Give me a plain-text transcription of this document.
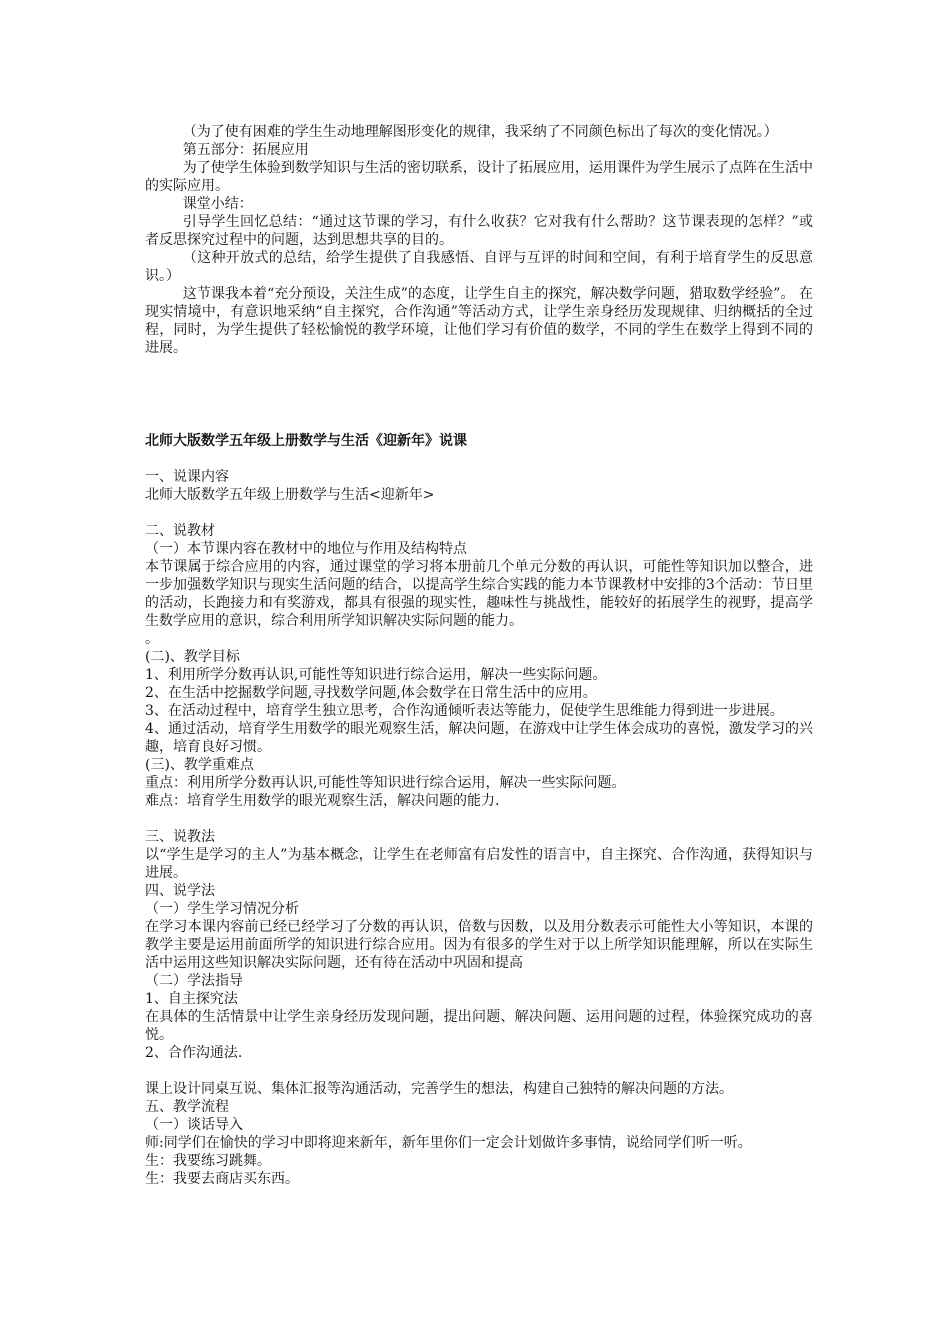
（为了使有困难的学生生动地理解图形变化的规律，我采纳了不同颜色标出了每次的变化情况。）

第五部分：拓展应用

为了使学生体验到数学知识与生活的密切联系，设计了拓展应用，运用课件为学生展示了点阵在生活中的实际应用。

课堂小结：

引导学生回忆总结：“通过这节课的学习，有什么收获？它对我有什么帮助？这节课表现的怎样？”或者反思探究过程中的问题，达到思想共享的目的。

（这种开放式的总结，给学生提供了自我感悟、自评与互评的时间和空间，有利于培育学生的反思意识。）

这节课我本着“充分预设，关注生成”的态度，让学生自主的探究，解决数学问题，猎取数学经验”。 在现实情境中，有意识地采纳“自主探究，合作沟通”等活动方式，让学生亲身经历发现规律、归纳概括的全过程，同时，为学生提供了轻松愉悦的教学环境，让他们学习有价值的数学，不同的学生在数学上得到不同的进展。

北师大版数学五年级上册数学与生活《迎新年》说课

一、说课内容

北师大版数学五年级上册数学与生活<迎新年>

二、说教材

（一）本节课内容在教材中的地位与作用及结构特点

本节课属于综合应用的内容，通过课堂的学习将本册前几个单元分数的再认识，可能性等知识加以整合，进一步加强数学知识与现实生活问题的结合，以提高学生综合实践的能力本节课教材中安排的3个活动：节日里的活动，长跑接力和有奖游戏，都具有很强的现实性，趣味性与挑战性，能较好的拓展学生的视野，提高学生数学应用的意识，综合利用所学知识解决实际问题的能力。

。

(二)、教学目标

1、利用所学分数再认识,可能性等知识进行综合运用，解决一些实际问题。

2、在生活中挖掘数学问题,寻找数学问题,体会数学在日常生活中的应用。

3、在活动过程中，培育学生独立思考，合作沟通倾听表达等能力，促使学生思维能力得到进一步进展。

4、通过活动，培育学生用数学的眼光观察生活，解决问题，在游戏中让学生体会成功的喜悦，激发学习的兴趣，培育良好习惯。

(三)、教学重难点

重点：利用所学分数再认识,可能性等知识进行综合运用，解决一些实际问题。

难点：培育学生用数学的眼光观察生活，解决问题的能力.

三、说教法

以“学生是学习的主人”为基本概念，让学生在老师富有启发性的语言中，自主探究、合作沟通，获得知识与进展。

四、说学法

（一）学生学习情况分析

在学习本课内容前已经已经学习了分数的再认识，倍数与因数，以及用分数表示可能性大小等知识，本课的教学主要是运用前面所学的知识进行综合应用。因为有很多的学生对于以上所学知识能理解，所以在实际生活中运用这些知识解决实际问题，还有待在活动中巩固和提高

（二）学法指导

1、自主探究法

在具体的生活情景中让学生亲身经历发现问题，提出问题、解决问题、运用问题的过程，体验探究成功的喜悦。

2、合作沟通法.

课上设计同桌互说、集体汇报等沟通活动，完善学生的想法，构建自己独特的解决问题的方法。

五、教学流程

（一）谈话导入

师:同学们在愉快的学习中即将迎来新年，新年里你们一定会计划做许多事情，说给同学们听一听。

生：我要练习跳舞。

生：我要去商店买东西。
